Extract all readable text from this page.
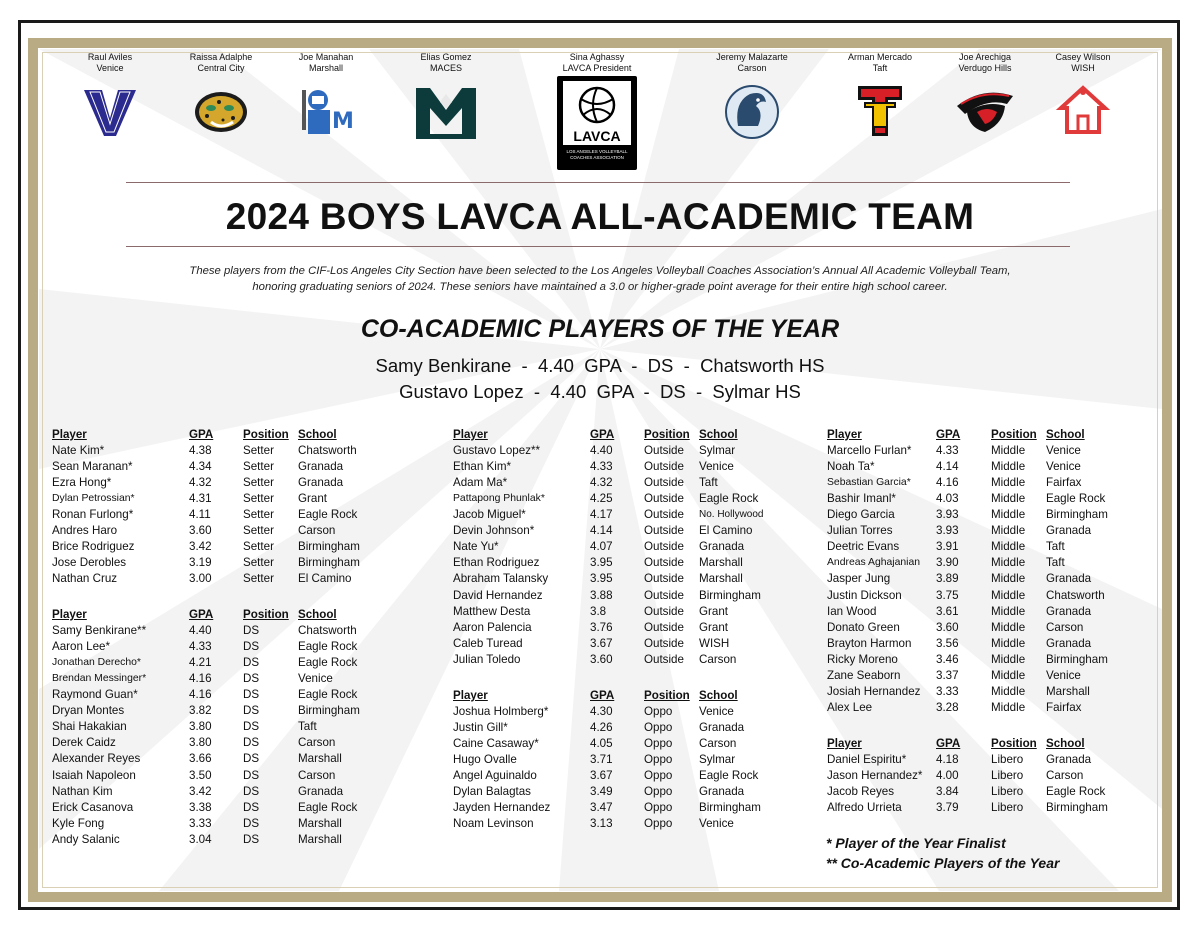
Raul Aviles
Venice
Raissa Adalphe
Central City
Joe Manahan
Marshall
M
Elias Gomez
MACES
LAVCA
LOS ANGELES VOLLEYBALL
COACHES ASSOCIATION
Sina Aghassy
LAVCA President
Jeremy Malazarte
Carson
Arman Mercado
Taft
Joe Arechiga
Verdugo Hills
Casey Wilson
WISH
2024 BOYS LAVCA ALL-ACADEMIC TEAM
These players from the CIF-Los Angeles City Section have been selected to the Los Angeles Volleyball Coaches Association’s Annual All Academic Volleyball Team,
honoring graduating seniors of 2024. These seniors have maintained a 3.0 or higher-grade point average for their entire high school career.
CO-ACADEMIC PLAYERS OF THE YEAR
Samy Benkirane  -  4.40  GPA  -  DS  -  Chatsworth HS
Gustavo Lopez  -  4.40  GPA  -  DS  -  Sylmar HS
Player	GPA	Position School
Nate Kim*	4.38	Setter Chatsworth
Sean Maranan*	4.34	Setter Granada
Ezra Hong*	4.32	Setter Granada
Dylan Petrossian*	4.31	Setter Grant
Ronan Furlong*	4.11	Setter Eagle Rock
Andres Haro	3.60	Setter Carson
Brice Rodriguez	3.42	Setter Birmingham
Jose Derobles	3.19	Setter Birmingham
Nathan Cruz	3.00	Setter El Camino
Player	GPA	Position School
Samy Benkirane**	4.40	DS	Chatsworth
Aaron Lee*	4.33	DS	Eagle Rock
Jonathan Derecho*	4.21	DS	Eagle Rock
Brendan Messinger*	4.16	DS	Venice
Raymond Guan*	4.16	DS	Eagle Rock
Dryan Montes	3.82	DS	Birmingham
Shai Hakakian	3.80	DS	Taft
Derek Caidz	3.80	DS	Carson
Alexander Reyes	3.66	DS	Marshall
Isaiah Napoleon	3.50	DS	Carson
Nathan Kim	3.42	DS	Granada
Erick Casanova	3.38	DS	Eagle Rock
Kyle Fong	3.33	DS	Marshall
Andy Salanic	3.04	DS	Marshall
Player	GPA	Position School
Gustavo Lopez**	4.40	Outside Sylmar
Ethan Kim*	4.33	Outside Venice
Adam Ma*	4.32	Outside Taft
Pattapong Phunlak*	4.25	Outside Eagle Rock
Jacob Miguel*	4.17	Outside No. Hollywood
Devin Johnson*	4.14	Outside El Camino
Nate Yu*	4.07	Outside Granada
Ethan Rodriguez	3.95	Outside Marshall
Abraham Talansky	3.95	Outside Marshall
David Hernandez	3.88	Outside Birmingham
Matthew Desta	3.8	Outside Grant
Aaron Palencia	3.76	Outside Grant
Caleb Turead	3.67	Outside WISH
Julian Toledo	3.60	Outside Carson
Player	GPA	Position School
Joshua Holmberg*	4.30	Oppo Venice
Justin Gill*	4.26	Oppo Granada
Caine Casaway*	4.05	Oppo Carson
Hugo Ovalle	3.71	Oppo Sylmar
Angel Aguinaldo	3.67	Oppo Eagle Rock
Dylan Balagtas	3.49	Oppo Granada
Jayden Hernandez	3.47	Oppo Birmingham
Noam Levinson	3.13	Oppo Venice
Player	GPA	Position School
Marcello Furlan* 4.33	Middle Venice
Noah Ta*	4.14	Middle Venice
Sebastian Garcia* 4.16	Middle Fairfax
Bashir Imanl*	4.03	Middle Eagle Rock
Diego Garcia	3.93	Middle Birmingham
Julian Torres	3.93	Middle Granada
Deetric Evans	3.91	Middle Taft
Andreas Aghajanian 3.90	Middle Taft
Jasper Jung	3.89	Middle Granada
Justin Dickson	3.75	Middle Chatsworth
Ian Wood	3.61	Middle Granada
Donato Green	3.60	Middle Carson
Brayton Harmon 3.56	Middle Granada
Ricky Moreno	3.46	Middle Birmingham
Zane Seaborn	3.37	Middle Venice
Josiah Hernandez 3.33	Middle Marshall
Alex Lee	3.28	Middle Fairfax
Player	GPA	Position School
Daniel Espiritu*	4.18	Libero Granada
Jason Hernandez* 4.00	Libero Carson
Jacob Reyes	3.84	Libero Eagle Rock
Alfredo Urrieta	3.79	Libero Birmingham
* Player of the Year Finalist
** Co-Academic Players of the Year
